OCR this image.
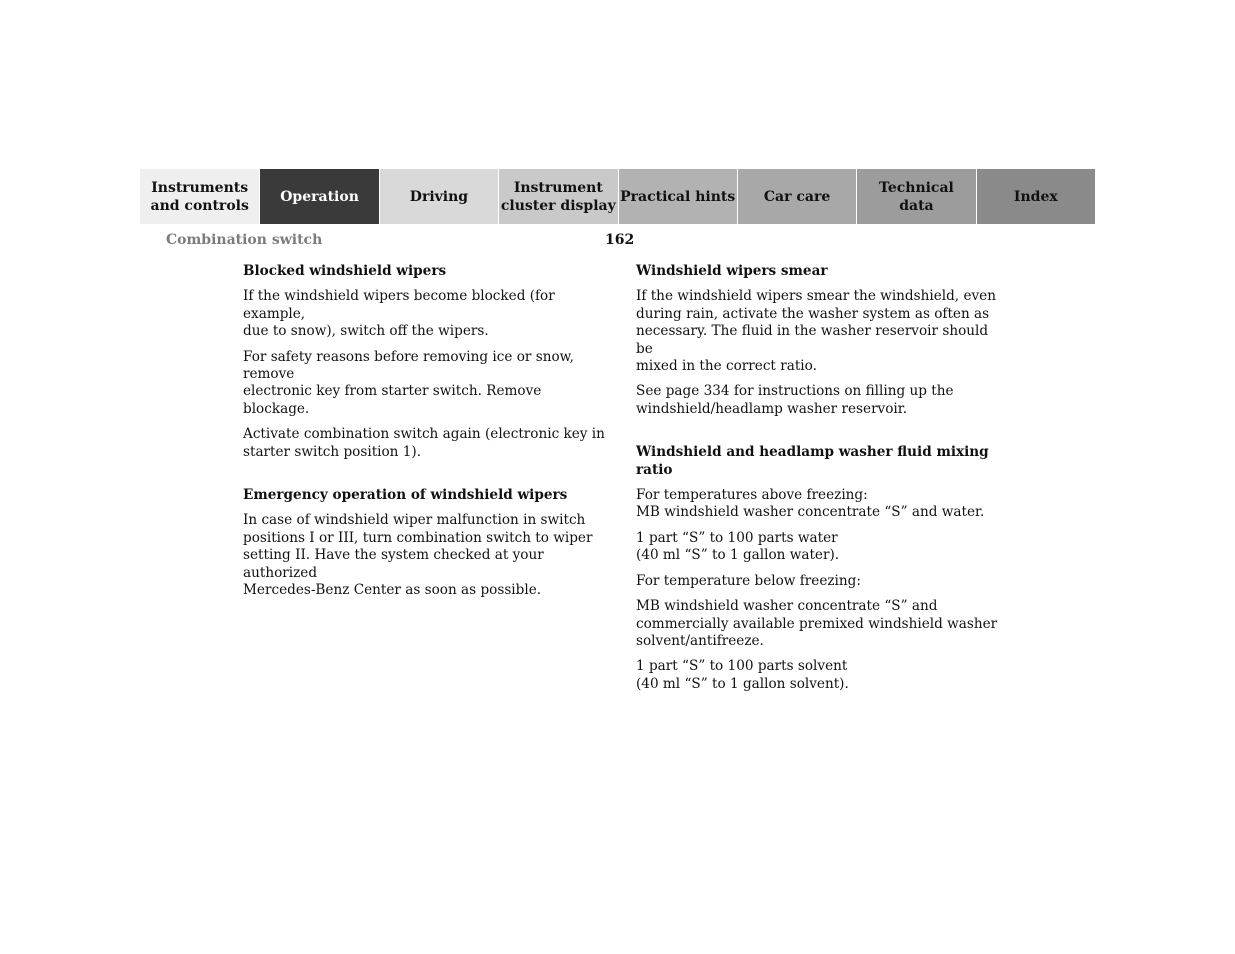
Instruments
and controls
Operation	Driving
Instrument
cluster display
Practical hints	Car care
Technical
data
Index
Combination switch	162
Blocked windshield wipers

If the windshield wipers become blocked (for example,
due to snow), switch off the wipers.

For safety reasons before removing ice or snow, remove
electronic key from starter switch. Remove blockage.

Activate combination switch again (electronic key in
starter switch position 1).

Emergency operation of windshield wipers

In case of windshield wiper malfunction in switch
positions I or III, turn combination switch to wiper
setting II. Have the system checked at your authorized
Mercedes-Benz Center as soon as possible.

Windshield wipers smear

If the windshield wipers smear the windshield, even
during rain, activate the washer system as often as
necessary. The fluid in the washer reservoir should be
mixed in the correct ratio.

See page 334 for instructions on filling up the
windshield/headlamp washer reservoir.

Windshield and headlamp washer fluid mixing ratio

For temperatures above freezing:
MB windshield washer concentrate “S” and water.

1 part “S” to 100 parts water
(40 ml “S” to 1 gallon water).

For temperature below freezing:

MB windshield washer concentrate “S” and
commercially available premixed windshield washer
solvent/antifreeze.

1 part “S” to 100 parts solvent
(40 ml “S” to 1 gallon solvent).
